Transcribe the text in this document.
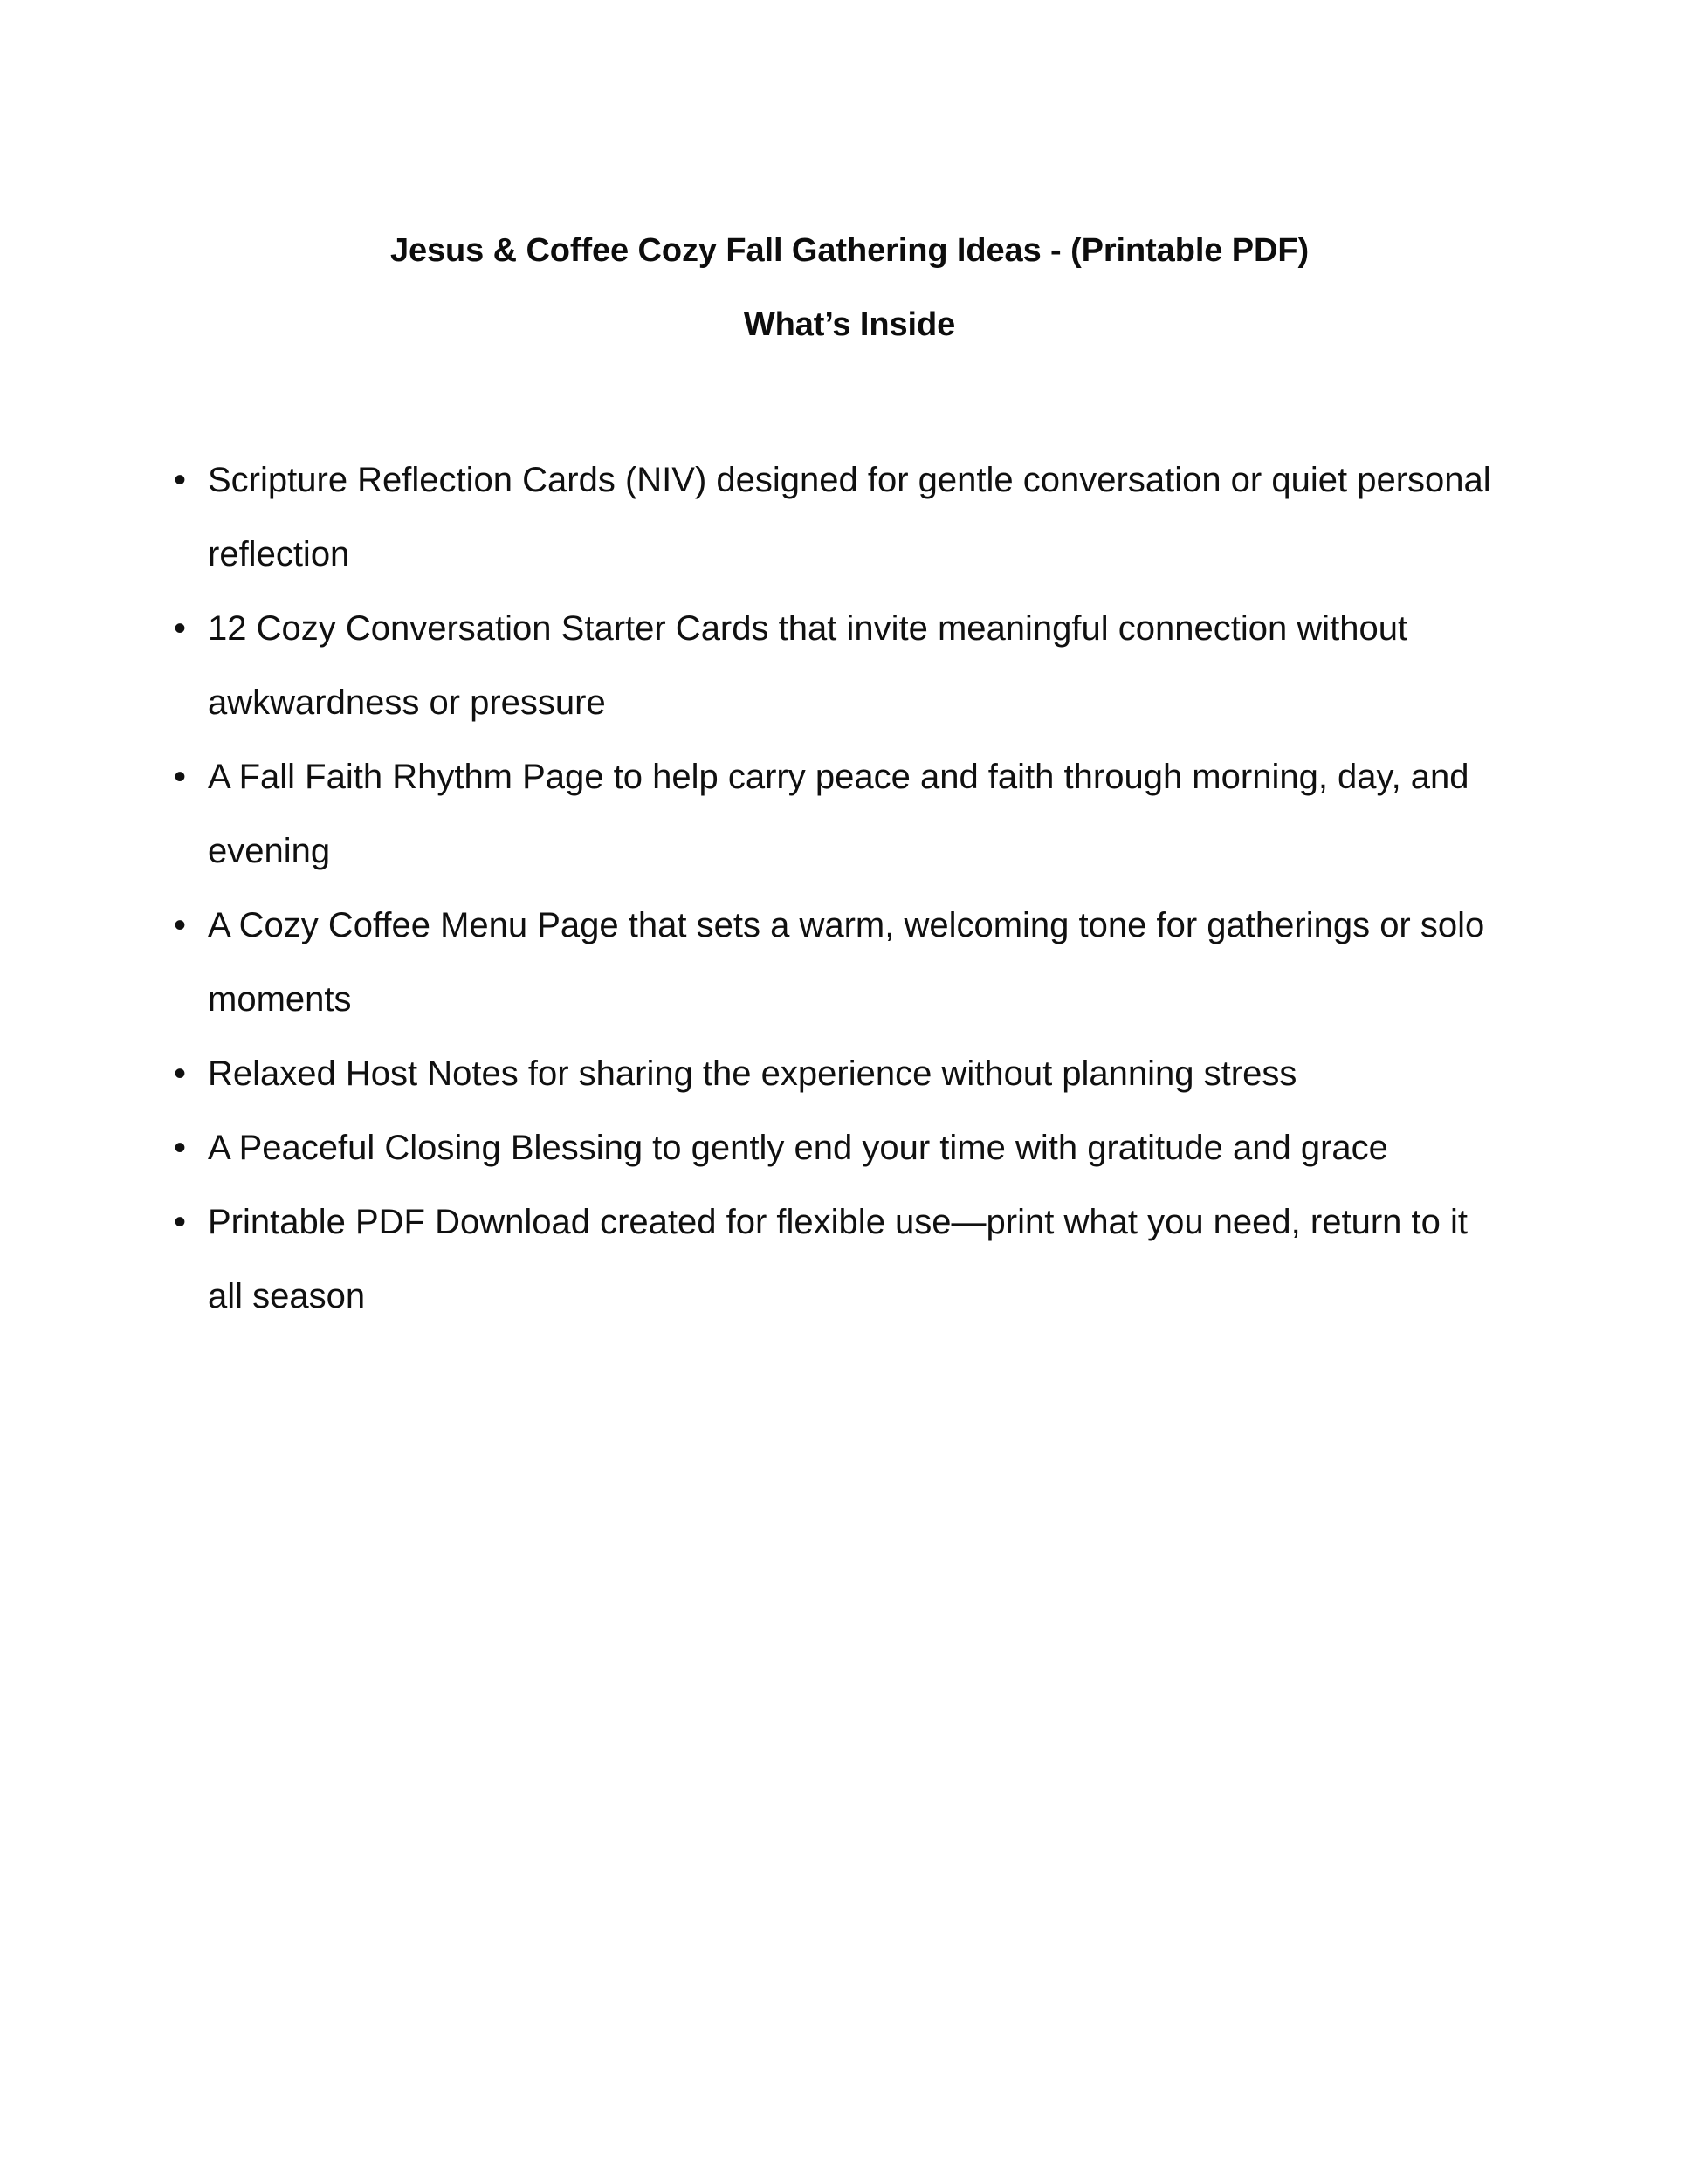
Jesus & Coffee Cozy Fall Gathering Ideas - (Printable PDF)
What’s Inside
• Scripture Reflection Cards (NIV) designed for gentle conversation or quiet personal reflection
• 12 Cozy Conversation Starter Cards that invite meaningful connection without awkwardness or pressure
• A Fall Faith Rhythm Page to help carry peace and faith through morning, day, and evening
• A Cozy Coffee Menu Page that sets a warm, welcoming tone for gatherings or solo moments
• Relaxed Host Notes for sharing the experience without planning stress
• A Peaceful Closing Blessing to gently end your time with gratitude and grace
• Printable PDF Download created for flexible use—print what you need, return to it all season
